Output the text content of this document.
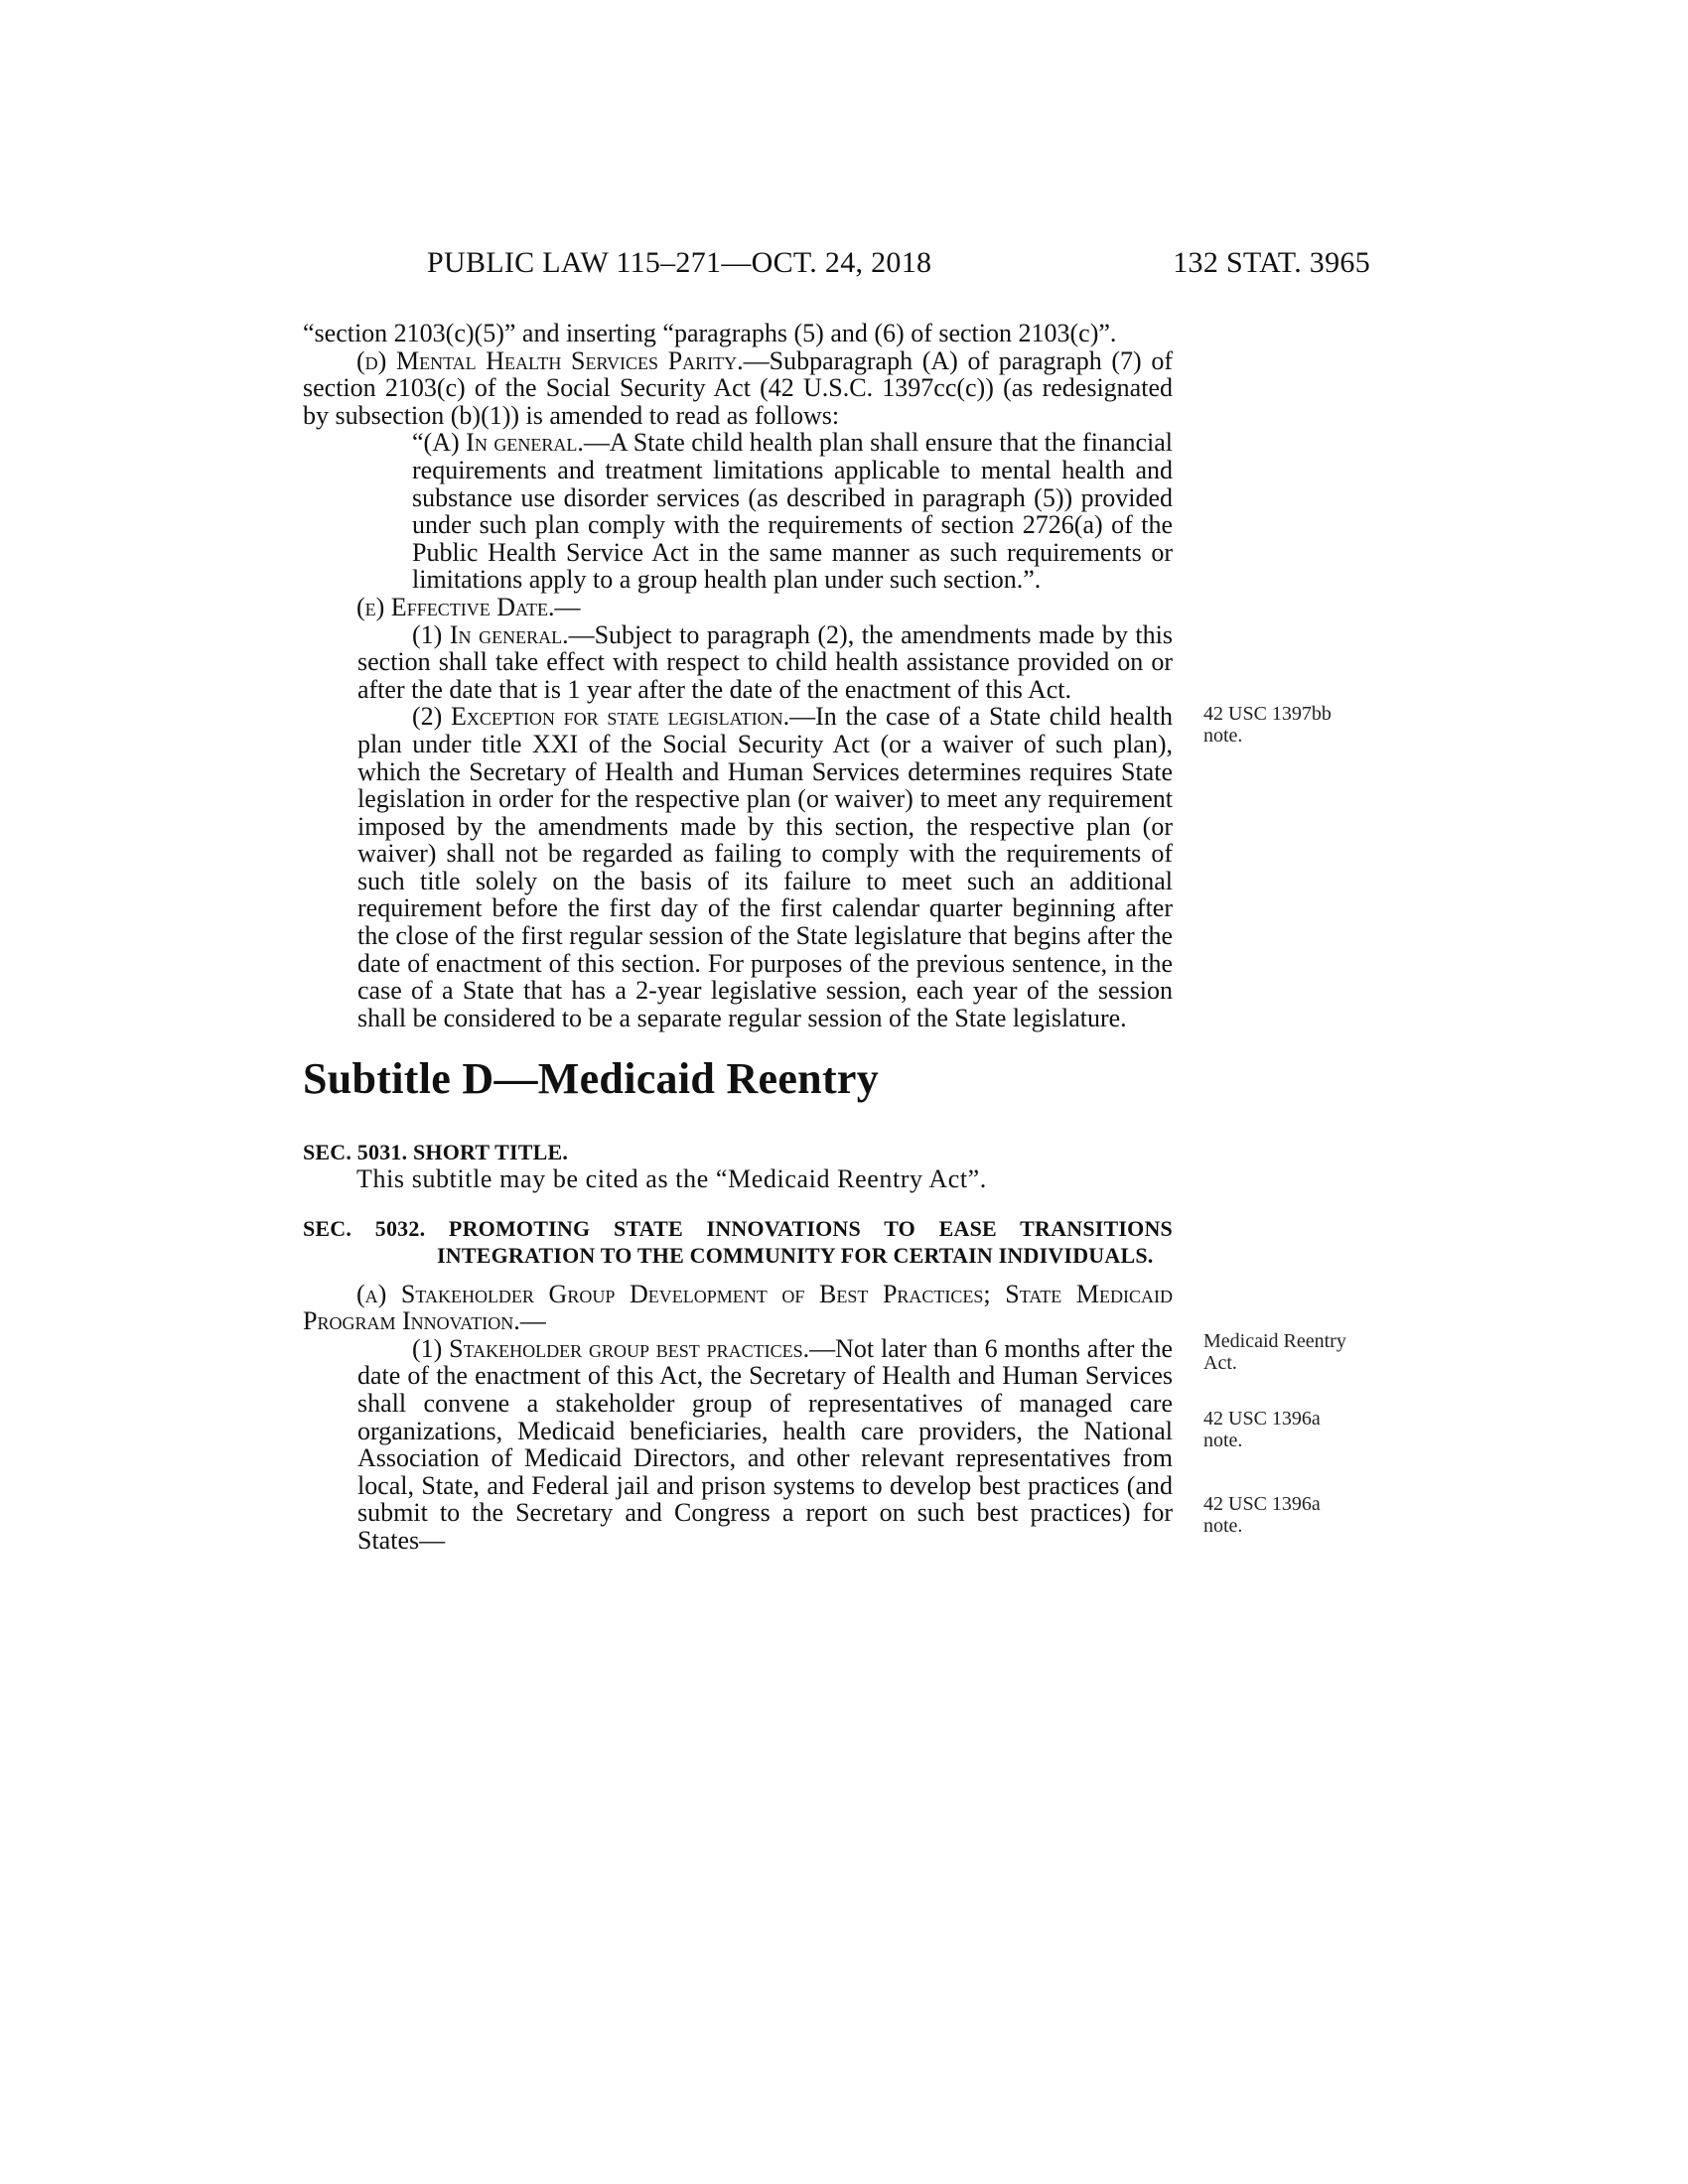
PUBLIC LAW 115–271—OCT. 24, 2018	132 STAT. 3965

“section 2103(c)(5)” and inserting “paragraphs (5) and (6) of section 2103(c)”.

(d) Mental Health Services Parity.—Subparagraph (A) of paragraph (7) of section 2103(c) of the Social Security Act (42 U.S.C. 1397cc(c)) (as redesignated by subsection (b)(1)) is amended to read as follows:

“(A) In general.—A State child health plan shall ensure that the financial requirements and treatment limitations applicable to mental health and substance use disorder services (as described in paragraph (5)) provided under such plan comply with the requirements of section 2726(a) of the Public Health Service Act in the same manner as such requirements or limitations apply to a group health plan under such section.”.

(e) Effective Date.—

(1) In general.—Subject to paragraph (2), the amendments made by this section shall take effect with respect to child health assistance provided on or after the date that is 1 year after the date of the enactment of this Act.

(2) Exception for state legislation.—In the case of a State child health plan under title XXI of the Social Security Act (or a waiver of such plan), which the Secretary of Health and Human Services determines requires State legislation in order for the respective plan (or waiver) to meet any requirement imposed by the amendments made by this section, the respective plan (or waiver) shall not be regarded as failing to comply with the requirements of such title solely on the basis of its failure to meet such an additional requirement before the first day of the first calendar quarter beginning after the close of the first regular session of the State legislature that begins after the date of enactment of this section. For purposes of the previous sentence, in the case of a State that has a 2-year legislative session, each year of the session shall be considered to be a separate regular session of the State legislature.

Subtitle D—Medicaid Reentry

SEC. 5031. SHORT TITLE.

This subtitle may be cited as the “Medicaid Reentry Act”.

SEC. 5032. PROMOTING STATE INNOVATIONS TO EASE TRANSITIONS INTEGRATION TO THE COMMUNITY FOR CERTAIN INDIVIDUALS.

(a) Stakeholder Group Development of Best Practices; State Medicaid Program Innovation.—

(1) Stakeholder group best practices.—Not later than 6 months after the date of the enactment of this Act, the Secretary of Health and Human Services shall convene a stakeholder group of representatives of managed care organizations, Medicaid beneficiaries, health care providers, the National Association of Medicaid Directors, and other relevant representatives from local, State, and Federal jail and prison systems to develop best practices (and submit to the Secretary and Congress a report on such best practices) for States—

42 USC 1397bb
note.
Medicaid Reentry
Act.
42 USC 1396a
note.
42 USC 1396a
note.
